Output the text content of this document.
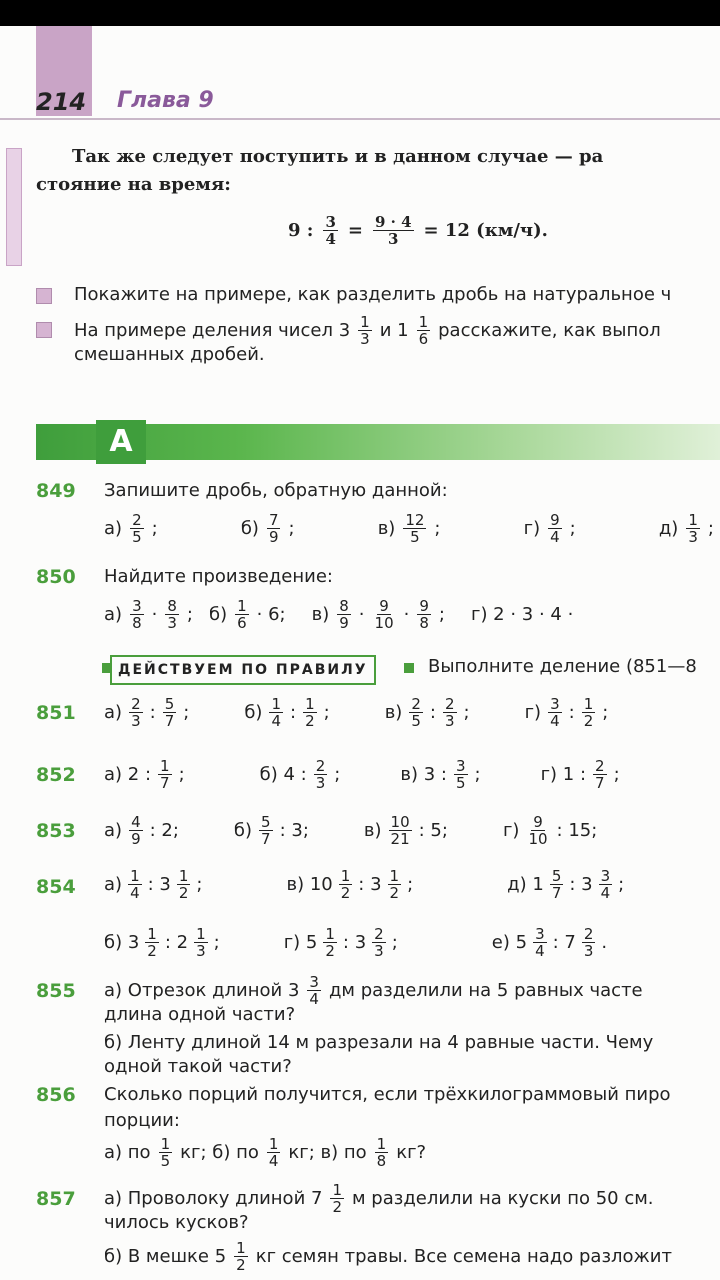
214 Глава 9
Так же следует поступить и в данном случае — ра
стояние на время:
9 : $\frac{3}{4} = \frac{9 \cdot 4}{3} = 12$ (км/ч).
Покажите на примере, как разделить дробь на натуральное ч
На примере деления чисел $3 \frac{1}{3}$ и $1 \frac{1}{6}$ расскажите, как выпол
смешанных дробей.
А
849 Запишите дробь, обратную данной:
$а) \frac{2}{5}$ ;	$б) \frac{7}{9}$ ;	$в) \frac{12}{5}$ ;	$г) \frac{9}{4}$ ;	$д) \frac{1}{3}$ ;
850 Найдите произведение:
$а) \frac{3}{8} \cdot \frac{8}{3}$ ; $б) \frac{1}{6} \cdot 6$; $в) \frac{8}{9} \cdot \frac{9}{10} \cdot \frac{9}{8}$ ; г) 2 · 3 · 4 ·
ДЕЙСТВУЕМ ПО ПРАВИЛУ	Выполните деление (851—8
851 $а) \frac{2}{3}$ : $\frac{5}{7}$ ;	$б) \frac{1}{4}$ : $\frac{1}{2}$ ;	$в) \frac{2}{5}$ : $\frac{2}{3}$ ;	$г) \frac{3}{4}$ : $\frac{1}{2}$ ;
852 а) 2 : $\frac{1}{7}$ ;	б) 4 : $\frac{2}{3}$ ;	в) 3 : $\frac{3}{5}$ ;	г) 1 : $\frac{2}{7}$ ;
853 $а) \frac{4}{9}$ : 2;	$б) \frac{5}{7}$ : 3;	$в) \frac{10}{21}$ : 5;	$г) \frac{9}{10}$ : 15;
854 $а) \frac{1}{4}$ : $3 \frac{1}{2}$ ;	в) $10 \frac{1}{2}$ : $3 \frac{1}{2}$ ;	д) $1 \frac{5}{7}$ : $3 \frac{3}{4}$ ;
б) $3 \frac{1}{2}$ : $2 \frac{1}{3}$ ;	г) $5 \frac{1}{2}$ : $3 \frac{2}{3}$ ;	е) $5 \frac{3}{4}$ : $7 \frac{2}{3}$ .
855 а) Отрезок длиной $3 \frac{3}{4}$ дм разделили на 5 равных часте
длина одной части?
б) Ленту длиной 14 м разрезали на 4 равные части. Чему
одной такой части?
856 Сколько порций получится, если трёхкилограммовый пиро
порции:
а) по $\frac{1}{5}$ кг; б) по $\frac{1}{4}$ кг; в) по $\frac{1}{8}$ кг?
857 а) Проволоку длиной $7 \frac{1}{2}$ м разделили на куски по 50 см.
чилось кусков?
б) В мешке $5 \frac{1}{2}$ кг семян травы. Все семена надо разложит
